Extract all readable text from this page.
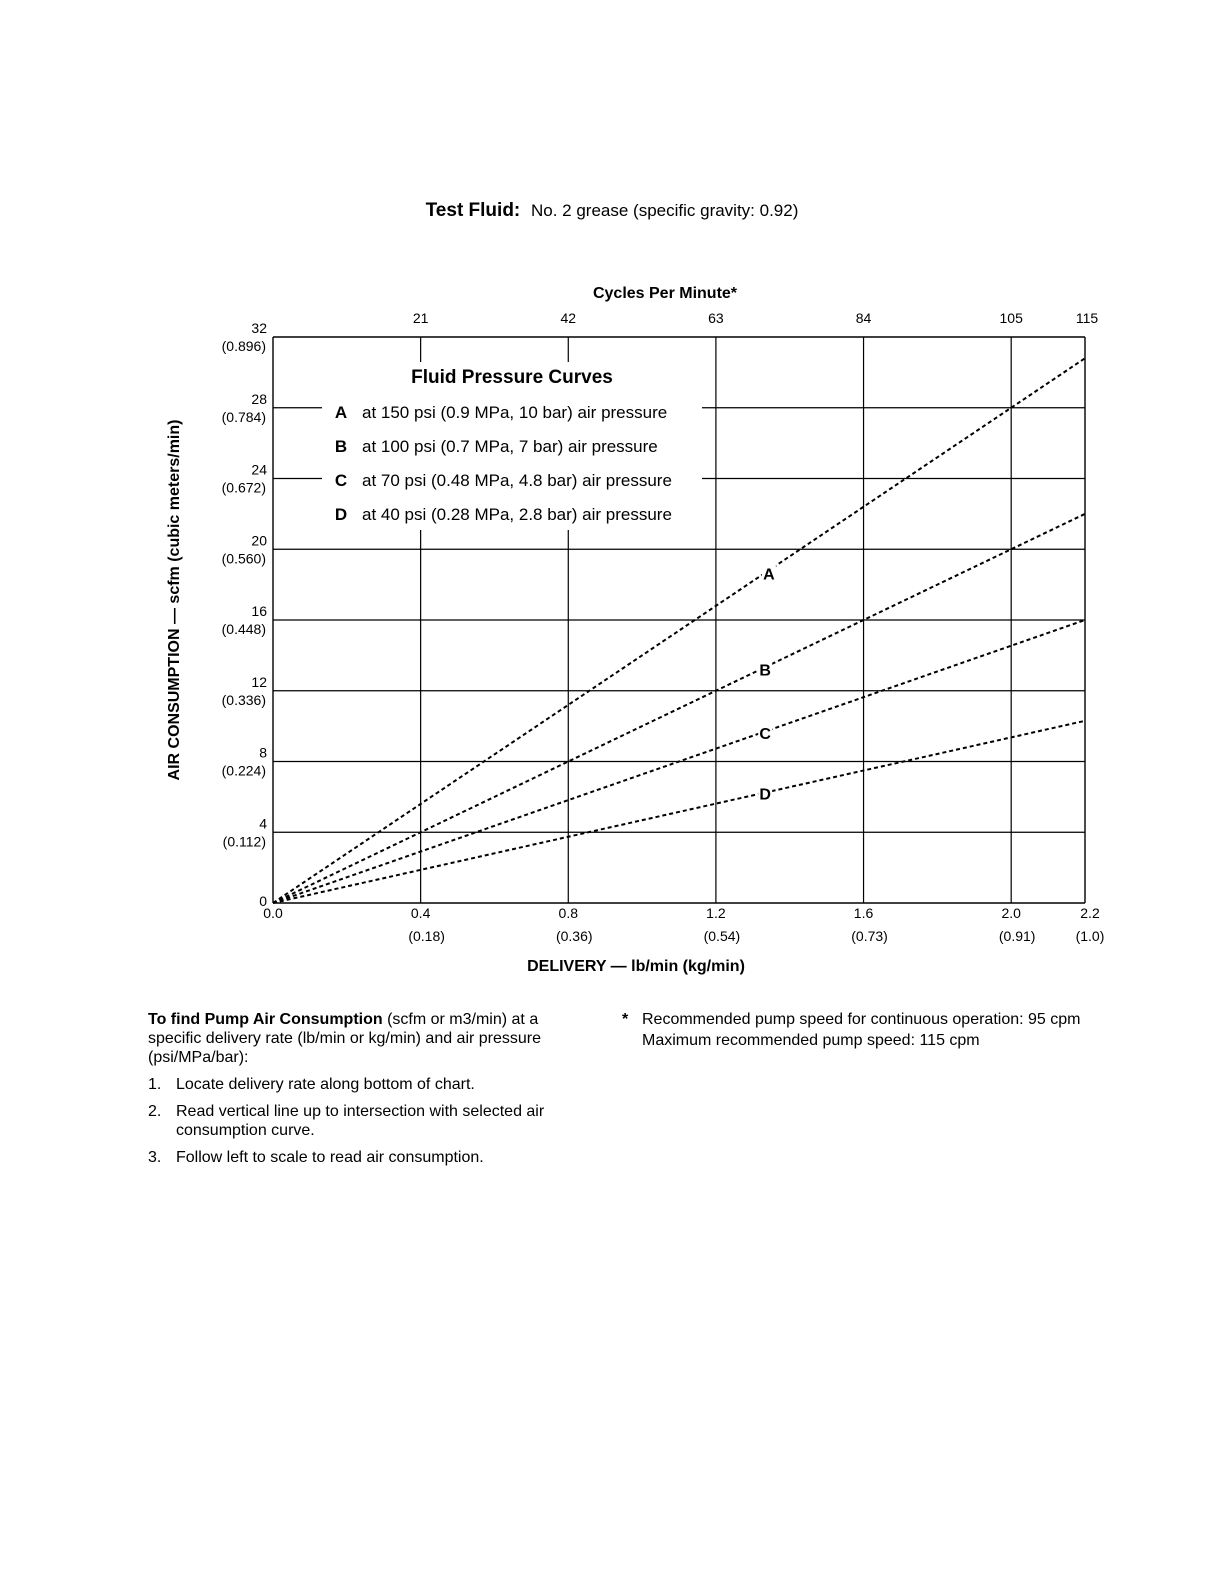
Test Fluid: No. 2 grease (specific gravity: 0.92)
Fluid Pressure Curves
A at 150 psi (0.9 MPa, 10 bar) air pressure
B at 100 psi (0.7 MPa, 7 bar) air pressure
C at 70 psi (0.48 MPa, 4.8 bar) air pressure
D at 40 psi (0.28 MPa, 2.8 bar) air pressure
A
B
C
D
0
4
(0.112)
8
(0.224)
12
(0.336)
16
(0.448)
20
(0.560)
24
(0.672)
28
(0.784)
32
(0.896)
0.0	0.4
(0.18)
0.8
(0.36)
1.2
(0.54)
1.6
(0.73)
2.0
(0.91)
2.2
(1.0)
Cycles Per Minute*
21	42	63	84	105	115
DELIVERY — lb/min (kg/min)
AIR CONSUMPTION — scfm (cubic meters/min)
To find Pump Air Consumption (scfm or m3/min) at a specific delivery rate (lb/min or kg/min) and air pressure (psi/MPa/bar):
1. Locate delivery rate along bottom of chart.
2. Read vertical line up to intersection with selected air consumption curve.
3. Follow left to scale to read air consumption.
* Recommended pump speed for continuous operation: 95 cpm
Maximum recommended pump speed: 115 cpm
